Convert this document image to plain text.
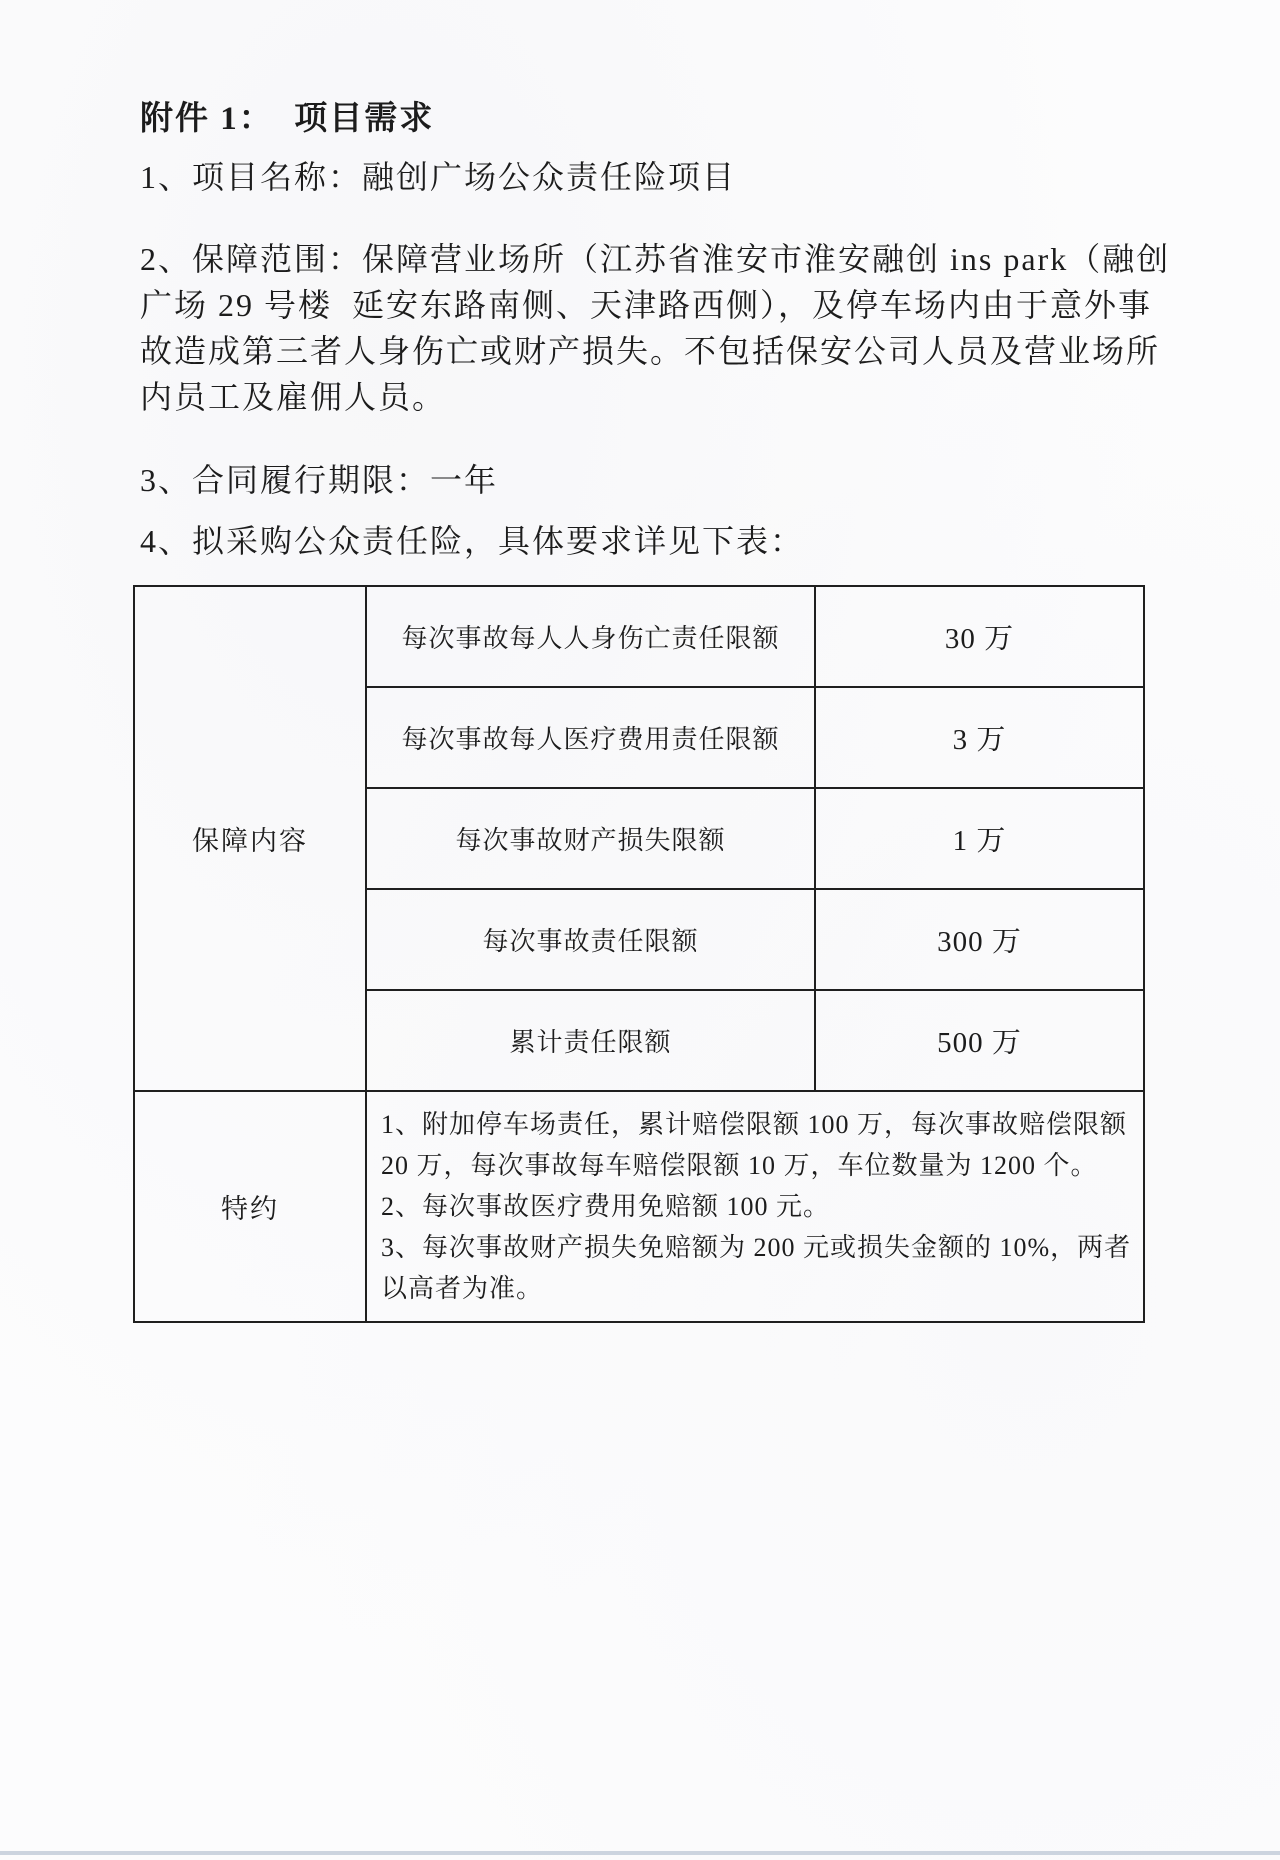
附件 1：  项目需求
1、项目名称：融创广场公众责任险项目
2、保障范围：保障营业场所（江苏省淮安市淮安融创 ins park（融创
广场 29 号楼  延安东路南侧、天津路西侧），及停车场内由于意外事
故造成第三者人身伤亡或财产损失。不包括保安公司人员及营业场所
内员工及雇佣人员。
3、合同履行期限：一年
4、拟采购公众责任险，具体要求详见下表：
保障内容	每次事故每人人身伤亡责任限额	30 万
	每次事故每人医疗费用责任限额	3 万
	每次事故财产损失限额	1 万
	每次事故责任限额	300 万
	累计责任限额	500 万
特约	1、附加停车场责任，累计赔偿限额 100 万，每次事故赔偿限额 20 万，每次事故每车赔偿限额 10 万，车位数量为 1200 个。

2、每次事故医疗费用免赔额 100 元。

3、每次事故财产损失免赔额为 200 元或损失金额的 10%，两者以高者为准。	
